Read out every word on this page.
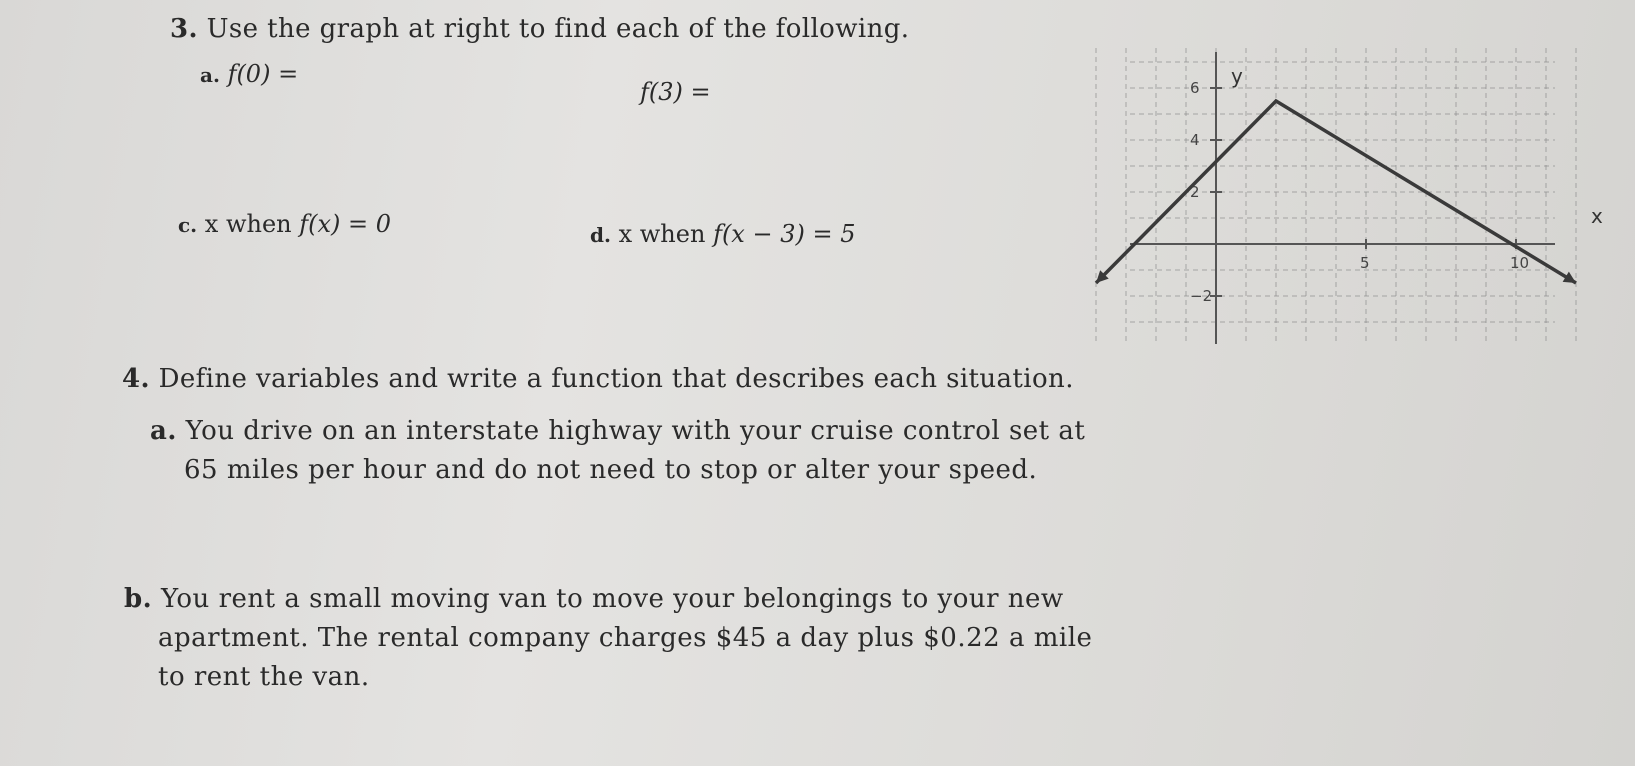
3. Use the graph at right to find each of the following.
a. f(0) =
f(3) =
c. x when f(x) = 0	d. x when f(x − 3) = 5
x
y
5	10
6
4
2
−2
4. Define variables and write a function that describes each situation.
a. You drive on an interstate highway with your cruise control set at
65 miles per hour and do not need to stop or alter your speed.
b. You rent a small moving van to move your belongings to your new
apartment. The rental company charges $45 a day plus $0.22 a mile
to rent the van.
